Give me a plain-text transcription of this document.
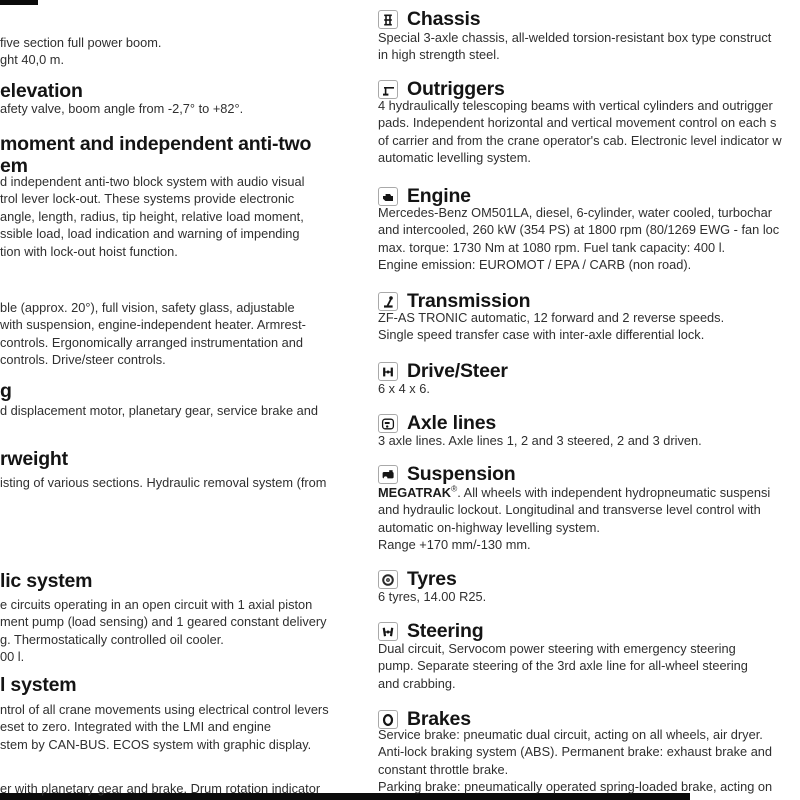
five section full power boom.
ght 40,0 m.
elevation
afety valve, boom angle from -2,7° to +82°.
moment and independent anti-two
em
d independent anti-two block system with audio visual
trol lever lock-out. These systems provide electronic
angle, length, radius, tip height, relative load moment,
ssible load, load indication and warning of impending
tion with lock-out hoist function.
ble (approx. 20°), full vision, safety glass, adjustable
with suspension, engine-independent heater. Armrest-
controls. Ergonomically arranged instrumentation and
controls. Drive/steer controls.
g
d displacement motor, planetary gear, service brake and
rweight
isting of various sections. Hydraulic removal system (from
lic system
e circuits operating in an open circuit with 1 axial piston
ment pump (load sensing) and 1 geared constant delivery
g. Thermostatically controlled oil cooler.
00 l.
l system
ntrol of all crane movements using electrical control levers
eset to zero. Integrated with the LMI and engine
stem by CAN-BUS. ECOS system with graphic display.
er with planetary gear and brake. Drum rotation indicator
Chassis
Special 3-axle chassis, all-welded torsion-resistant box type construct
in high strength steel.
Outriggers
4 hydraulically telescoping beams with vertical cylinders and outrigger
pads. Independent horizontal and vertical movement control on each s
of carrier and from the crane operator's cab. Electronic level indicator w
automatic levelling system.
Engine
Mercedes-Benz OM501LA, diesel, 6-cylinder, water cooled, turbochar
and intercooled, 260 kW (354 PS) at 1800 rpm (80/1269 EWG - fan loc
max. torque: 1730 Nm at 1080 rpm. Fuel tank capacity: 400 l.
Engine emission: EUROMOT / EPA / CARB (non road).
Transmission
ZF-AS TRONIC automatic, 12 forward and 2 reverse speeds.
Single speed transfer case with inter-axle differential lock.
Drive/Steer
6 x 4 x 6.
Axle lines
3 axle lines. Axle lines 1, 2 and 3 steered, 2 and 3 driven.
Suspension
MEGATRAK®. All wheels with independent hydropneumatic suspensi
and hydraulic lockout. Longitudinal and transverse level control with
automatic on-highway levelling system.
Range +170 mm/-130 mm.
Tyres
6 tyres, 14.00 R25.
Steering
Dual circuit, Servocom power steering with emergency steering
pump. Separate steering of the 3rd axle line for all-wheel steering
and crabbing.
Brakes
Service brake: pneumatic dual circuit, acting on all wheels, air dryer.
Anti-lock braking system (ABS). Permanent brake: exhaust brake and
constant throttle brake.
Parking brake: pneumatically operated spring-loaded brake, acting on
